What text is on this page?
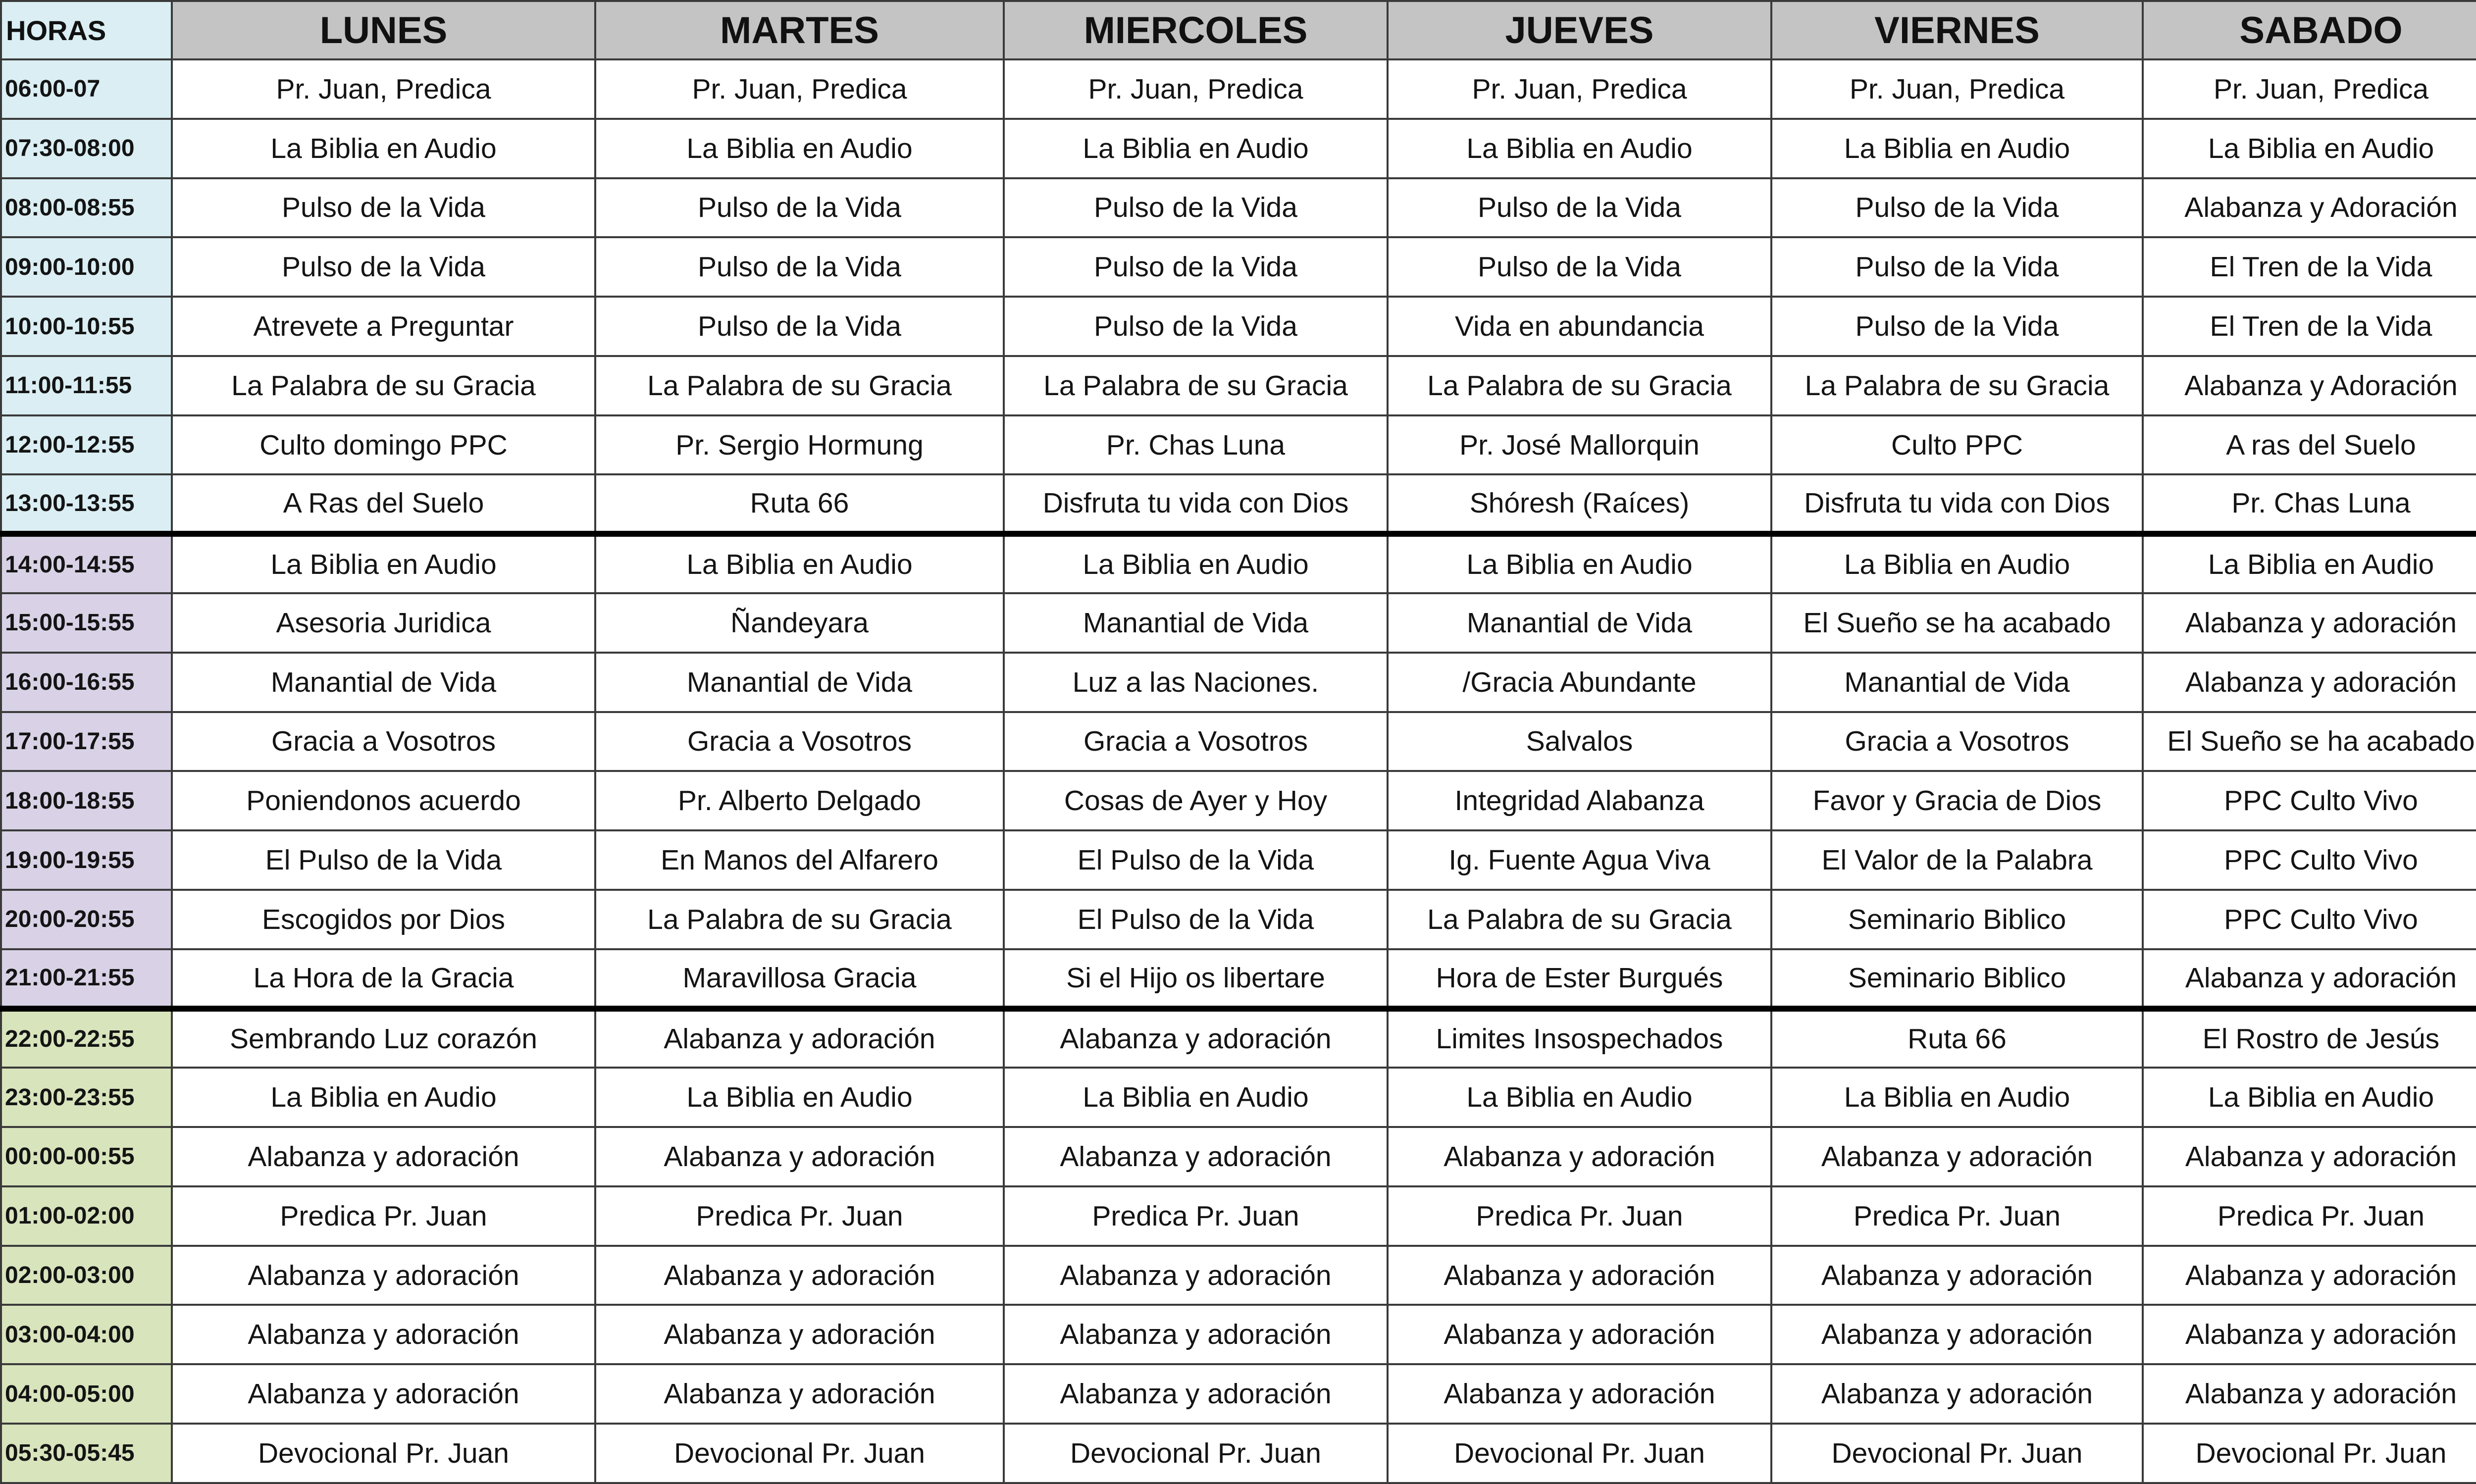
HORAS	LUNES	MARTES	MIERCOLES	JUEVES	VIERNES	SABADO	
06:00-07	Pr. Juan, Predica	Pr. Juan, Predica	Pr. Juan, Predica	Pr. Juan, Predica	Pr. Juan, Predica	Pr. Juan, Predica	
07:30-08:00	La Biblia en Audio	La Biblia en Audio	La Biblia en Audio	La Biblia en Audio	La Biblia en Audio	La Biblia en Audio	
08:00-08:55	Pulso de la Vida	Pulso de la Vida	Pulso de la Vida	Pulso de la Vida	Pulso de la Vida	Alabanza y Adoración	
09:00-10:00	Pulso de la Vida	Pulso de la Vida	Pulso de la Vida	Pulso de la Vida	Pulso de la Vida	El Tren de la Vida	
10:00-10:55	Atrevete a Preguntar	Pulso de la Vida	Pulso de la Vida	Vida en abundancia	Pulso de la Vida	El Tren de la Vida	
11:00-11:55	La Palabra de su Gracia	La Palabra de su Gracia	La Palabra de su Gracia	La Palabra de su Gracia	La Palabra de su Gracia	Alabanza y Adoración	
12:00-12:55	Culto domingo PPC	Pr. Sergio Hormung	Pr. Chas Luna	Pr. José Mallorquin	Culto PPC	A ras del Suelo	
13:00-13:55	A Ras del Suelo	Ruta 66	Disfruta tu vida con Dios	Shóresh (Raíces)	Disfruta tu vida con Dios	Pr. Chas Luna	
14:00-14:55	La Biblia en Audio	La Biblia en Audio	La Biblia en Audio	La Biblia en Audio	La Biblia en Audio	La Biblia en Audio	
15:00-15:55	Asesoria Juridica	Ñandeyara	Manantial de Vida	Manantial de Vida	El Sueño se ha acabado	Alabanza y adoración	
16:00-16:55	Manantial de Vida	Manantial de Vida	Luz a las Naciones.	/Gracia Abundante	Manantial de Vida	Alabanza y adoración	
17:00-17:55	Gracia a Vosotros	Gracia a Vosotros	Gracia a Vosotros	Salvalos	Gracia a Vosotros	El Sueño se ha acabado	
18:00-18:55	Poniendonos acuerdo	Pr. Alberto Delgado	Cosas de Ayer y Hoy	Integridad Alabanza	Favor y Gracia de Dios	PPC Culto Vivo	
19:00-19:55	El Pulso de la Vida	En Manos del Alfarero	El Pulso de la Vida	Ig. Fuente Agua Viva	El Valor de la Palabra	PPC Culto Vivo	
20:00-20:55	Escogidos por Dios	La Palabra de su Gracia	El Pulso de la Vida	La Palabra de su Gracia	Seminario Biblico	PPC Culto Vivo	
21:00-21:55	La Hora de la Gracia	Maravillosa Gracia	Si el Hijo os libertare	Hora de Ester Burgués	Seminario Biblico	Alabanza y adoración	
22:00-22:55	Sembrando Luz corazón	Alabanza y adoración	Alabanza y adoración	Limites Insospechados	Ruta 66	El Rostro de Jesús	
23:00-23:55	La Biblia en Audio	La Biblia en Audio	La Biblia en Audio	La Biblia en Audio	La Biblia en Audio	La Biblia en Audio	
00:00-00:55	Alabanza y adoración	Alabanza y adoración	Alabanza y adoración	Alabanza y adoración	Alabanza y adoración	Alabanza y adoración	
01:00-02:00	Predica Pr. Juan	Predica Pr. Juan	Predica Pr. Juan	Predica Pr. Juan	Predica Pr. Juan	Predica Pr. Juan	
02:00-03:00	Alabanza y adoración	Alabanza y adoración	Alabanza y adoración	Alabanza y adoración	Alabanza y adoración	Alabanza y adoración	
03:00-04:00	Alabanza y adoración	Alabanza y adoración	Alabanza y adoración	Alabanza y adoración	Alabanza y adoración	Alabanza y adoración	
04:00-05:00	Alabanza y adoración	Alabanza y adoración	Alabanza y adoración	Alabanza y adoración	Alabanza y adoración	Alabanza y adoración	
05:30-05:45	Devocional Pr. Juan	Devocional Pr. Juan	Devocional Pr. Juan	Devocional Pr. Juan	Devocional Pr. Juan	Devocional Pr. Juan	
